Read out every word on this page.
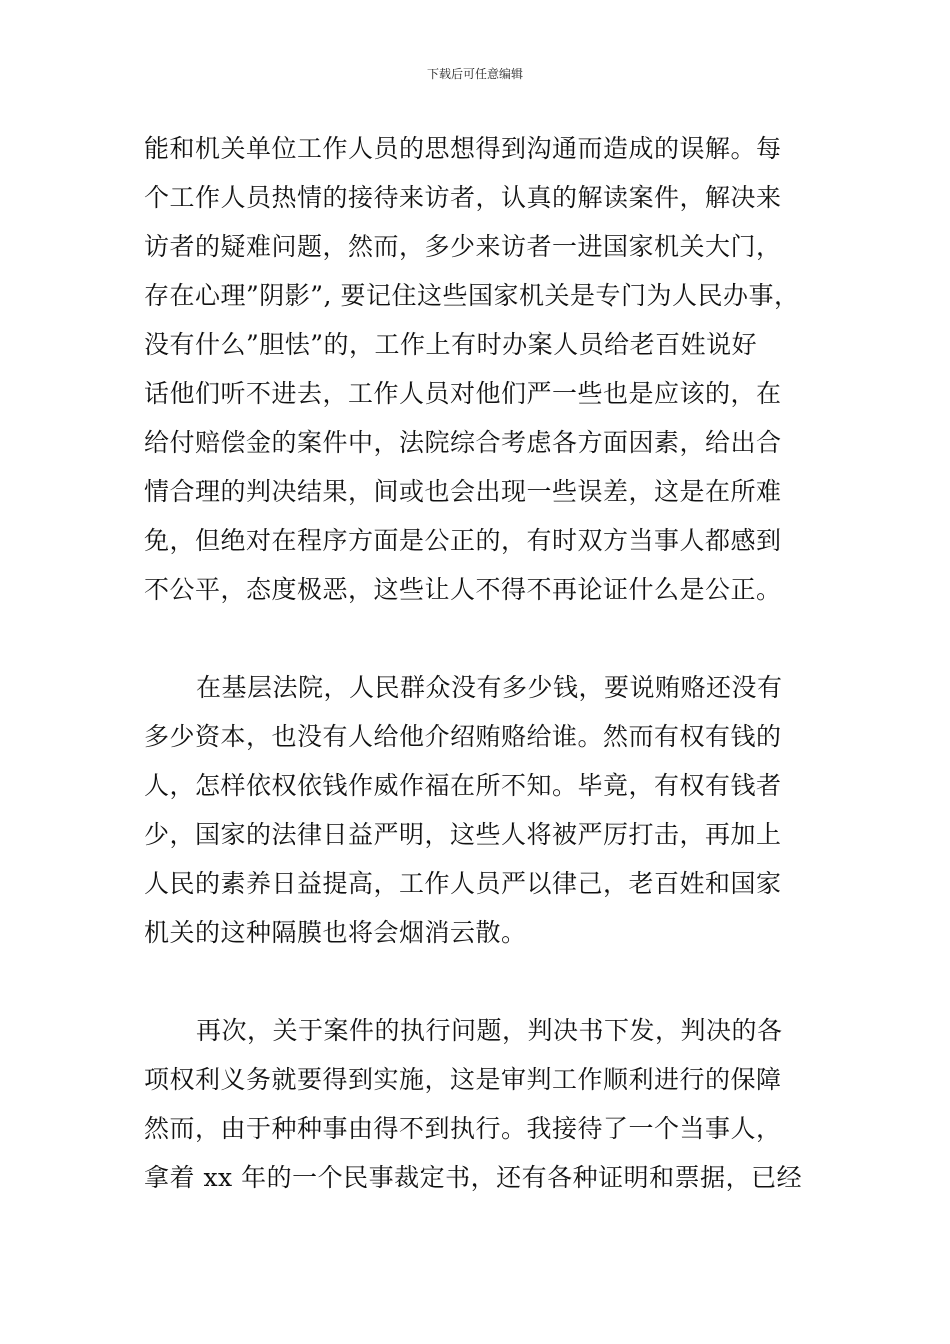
下载后可任意编辑
能和机关单位工作人员的思想得到沟通而造成的误解。每
个工作人员热情的接待来访者，认真的解读案件，解决来
访者的疑难问题，然而，多少来访者一进国家机关大门，
存在心理”阴影”, 要记住这些国家机关是专门为人民办事，
没有什么”胆怯”的，工作上有时办案人员给老百姓说好
话他们听不进去，工作人员对他们严一些也是应该的，在
给付赔偿金的案件中，法院综合考虑各方面因素，给出合
情合理的判决结果，间或也会出现一些误差，这是在所难
免，但绝对在程序方面是公正的，有时双方当事人都感到
不公平，态度极恶，这些让人不得不再论证什么是公正。
在基层法院，人民群众没有多少钱，要说贿赂还没有
多少资本，也没有人给他介绍贿赂给谁。然而有权有钱的
人，怎样依权依钱作威作福在所不知。毕竟，有权有钱者
少，国家的法律日益严明，这些人将被严厉打击，再加上
人民的素养日益提高，工作人员严以律己，老百姓和国家
机关的这种隔膜也将会烟消云散。
再次，关于案件的执行问题，判决书下发，判决的各
项权利义务就要得到实施，这是审判工作顺利进行的保障
然而，由于种种事由得不到执行。我接待了一个当事人，
拿着 xx 年的一个民事裁定书，还有各种证明和票据，已经
